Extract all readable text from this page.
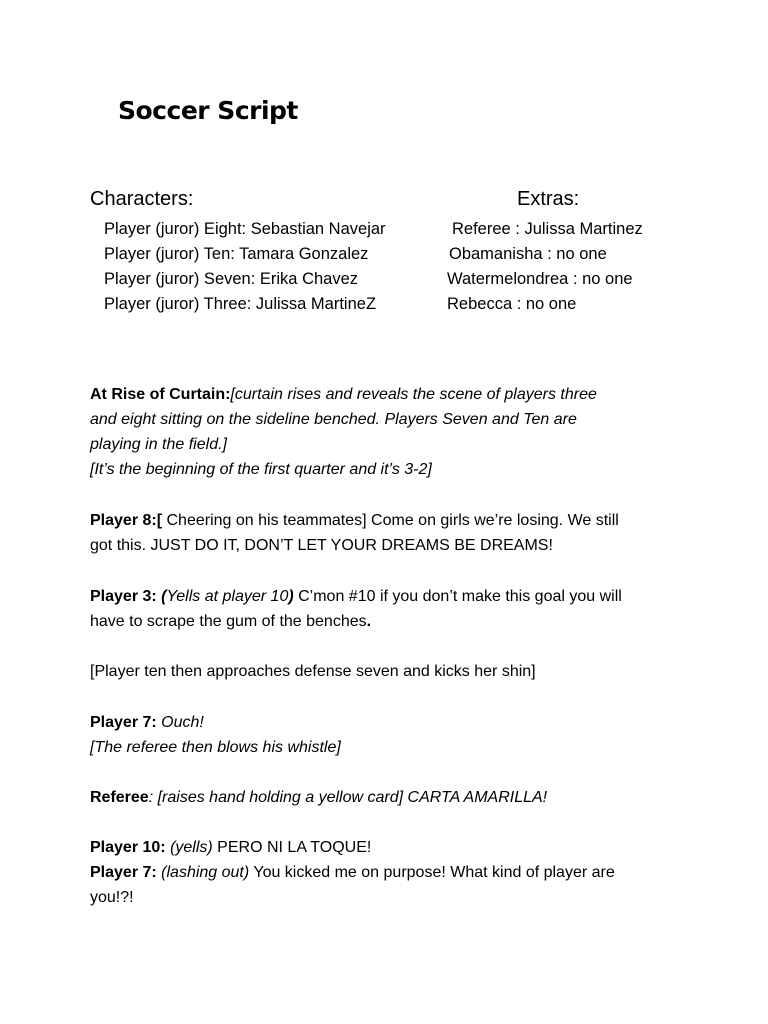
Soccer Script
Characters:	Extras:
Player (juror) Eight: Sebastian Navejar
Player (juror) Ten: Tamara Gonzalez
Player (juror) Seven: Erika Chavez
Player (juror) Three: Julissa MartineZ
Referee : Julissa Martinez
Obamanisha : no one
Watermelondrea : no one
Rebecca : no one
At Rise of Curtain:[curtain rises and reveals the scene of players three
and eight sitting on the sideline benched. Players Seven and Ten are
playing in the field.]
[It’s the beginning of the first quarter and it’s 3-2]
Player 8:[ Cheering on his teammates] Come on girls we’re losing. We still
got this. JUST DO IT, DON’T LET YOUR DREAMS BE DREAMS!
Player 3: (Yells at player 10) C’mon #10 if you don’t make this goal you will
have to scrape the gum of the benches.
[Player ten then approaches defense seven and kicks her shin]
Player 7: Ouch!
[The referee then blows his whistle]
Referee: [raises hand holding a yellow card] CARTA AMARILLA!
Player 10: (yells) PERO NI LA TOQUE!
Player 7: (lashing out) You kicked me on purpose! What kind of player are
you!?!
